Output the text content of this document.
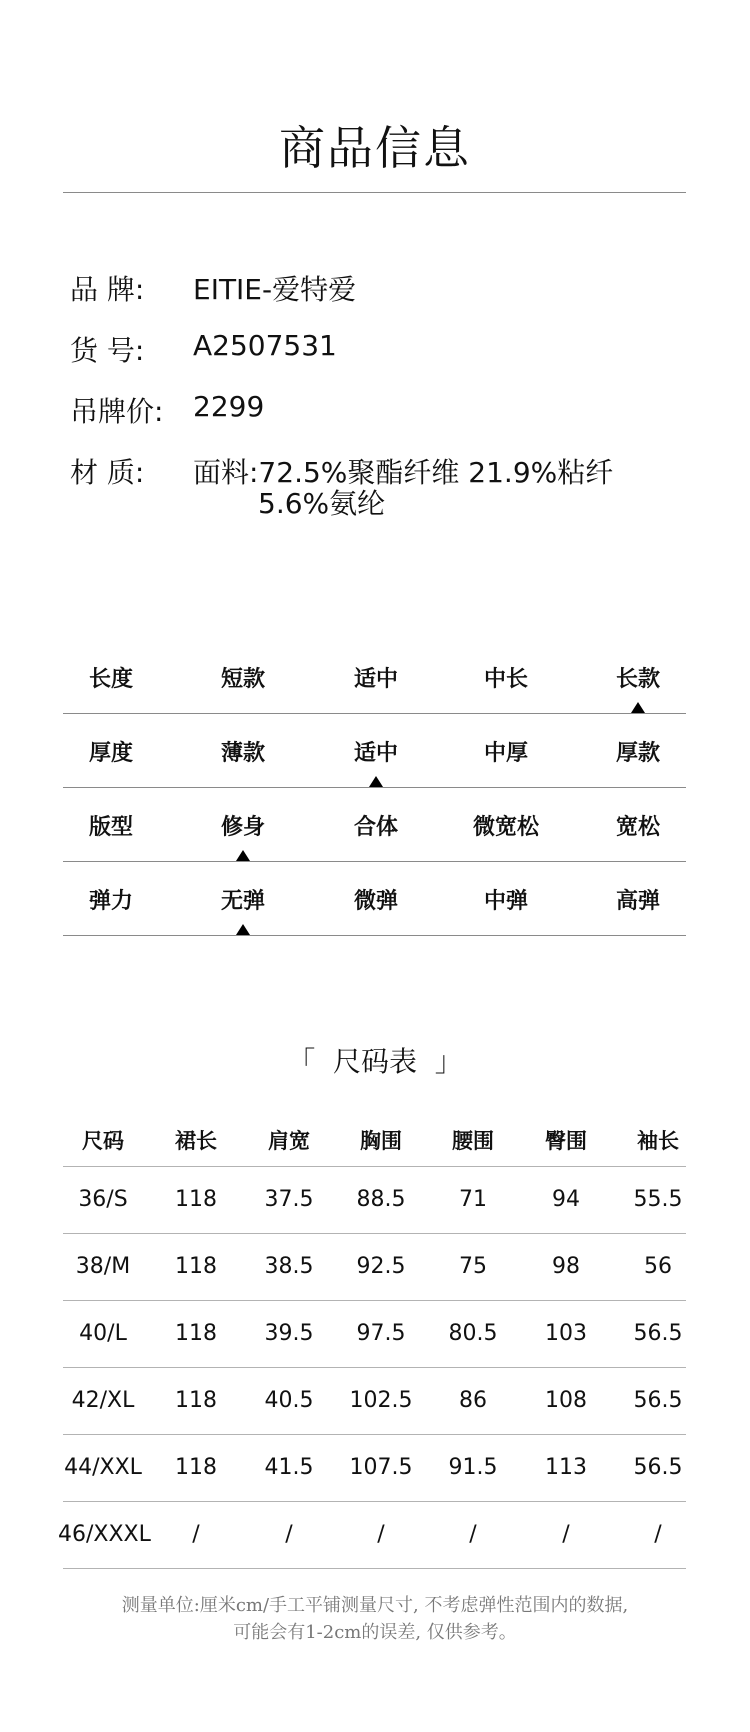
商品信息
品 牌:	EITIE-爱特爱
货 号:	A2507531
吊牌价:	2299
材 质:	面料:72.5%聚酯纤维 21.9%粘纤
5.6%氨纶
长度	短款	适中	中长	长款
厚度	薄款	适中	中厚	厚款
版型	修身	合体	微宽松	宽松
弹力	无弹	微弹	中弹	高弹
「  尺码表  」
尺码	裙长	肩宽	胸围	腰围	臀围	袖长
36/S	118	37.5	88.5	71	94	55.5
38/M	118	38.5	92.5	75	98	56
40/L	118	39.5	97.5	80.5	103	56.5
42/XL	118	40.5	102.5	86	108	56.5
44/XXL	118	41.5	107.5	91.5	113	56.5
46/XXXL	/	/	/	/	/	/
测量单位:厘米cm/手工平铺测量尺寸, 不考虑弹性范围内的数据,
可能会有1-2cm的误差, 仅供参考。
